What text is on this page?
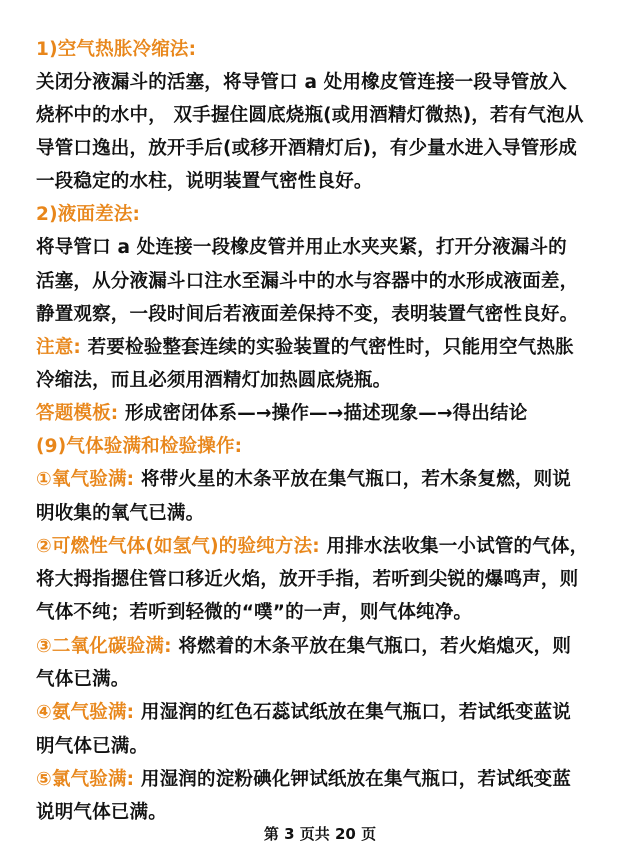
1)空气热胀冷缩法:
关闭分液漏斗的活塞，将导管口 a 处用橡皮管连接一段导管放入
烧杯中的水中， 双手握住圆底烧瓶(或用酒精灯微热)，若有气泡从
导管口逸出，放开手后(或移开酒精灯后)，有少量水进入导管形成
一段稳定的水柱，说明装置气密性良好。
2)液面差法:
将导管口 a 处连接一段橡皮管并用止水夹夹紧，打开分液漏斗的
活塞，从分液漏斗口注水至漏斗中的水与容器中的水形成液面差，
静置观察，一段时间后若液面差保持不变，表明装置气密性良好。
注意: 若要检验整套连续的实验装置的气密性时，只能用空气热胀
冷缩法，而且必须用酒精灯加热圆底烧瓶。
答题模板: 形成密闭体系—→操作—→描述现象—→得出结论
(9)气体验满和检验操作:
①氧气验满: 将带火星的木条平放在集气瓶口，若木条复燃，则说
明收集的氧气已满。
②可燃性气体(如氢气)的验纯方法: 用排水法收集一小试管的气体，
将大拇指摁住管口移近火焰，放开手指，若听到尖锐的爆鸣声，则
气体不纯；若听到轻微的“噗”的一声，则气体纯净。
③二氧化碳验满: 将燃着的木条平放在集气瓶口，若火焰熄灭，则
气体已满。
④氨气验满: 用湿润的红色石蕊试纸放在集气瓶口，若试纸变蓝说
明气体已满。
⑤氯气验满: 用湿润的淀粉碘化钾试纸放在集气瓶口，若试纸变蓝
说明气体已满。
第 3 页共 20 页
